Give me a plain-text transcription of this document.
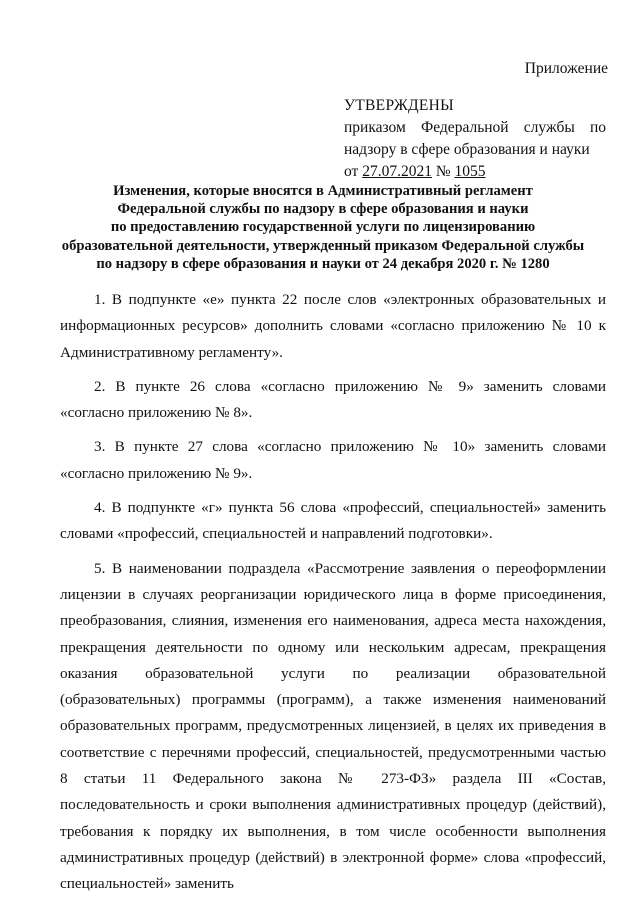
Приложение
УТВЕРЖДЕНЫ
приказом Федеральной службы по надзору в сфере образования и науки
от 27.07.2021 № 1055
Изменения, которые вносятся в Административный регламент
Федеральной службы по надзору в сфере образования и науки
по предоставлению государственной услуги по лицензированию
образовательной деятельности, утвержденный приказом Федеральной службы
по надзору в сфере образования и науки от 24 декабря 2020 г. № 1280

1. В подпункте «е» пункта 22 после слов «электронных образовательных и информационных ресурсов» дополнить словами «согласно приложению № 10 к Административному регламенту».

2. В пункте 26 слова «согласно приложению № 9» заменить словами «согласно приложению № 8».

3. В пункте 27 слова «согласно приложению № 10» заменить словами «согласно приложению № 9».

4. В подпункте «г» пункта 56 слова «профессий, специальностей» заменить словами «профессий, специальностей и направлений подготовки».

5. В наименовании подраздела «Рассмотрение заявления о переоформлении лицензии в случаях реорганизации юридического лица в форме присоединения, преобразования, слияния, изменения его наименования, адреса места нахождения, прекращения деятельности по одному или нескольким адресам, прекращения оказания образовательной услуги по реализации образовательной (образовательных) программы (программ), а также изменения наименований образовательных программ, предусмотренных лицензией, в целях их приведения в соответствие с перечнями профессий, специальностей, предусмотренными частью 8 статьи 11 Федерального закона № 273-ФЗ» раздела III «Состав, последовательность и сроки выполнения административных процедур (действий), требования к порядку их выполнения, в том числе особенности выполнения административных процедур (действий) в электронной форме» слова «профессий, специальностей» заменить
